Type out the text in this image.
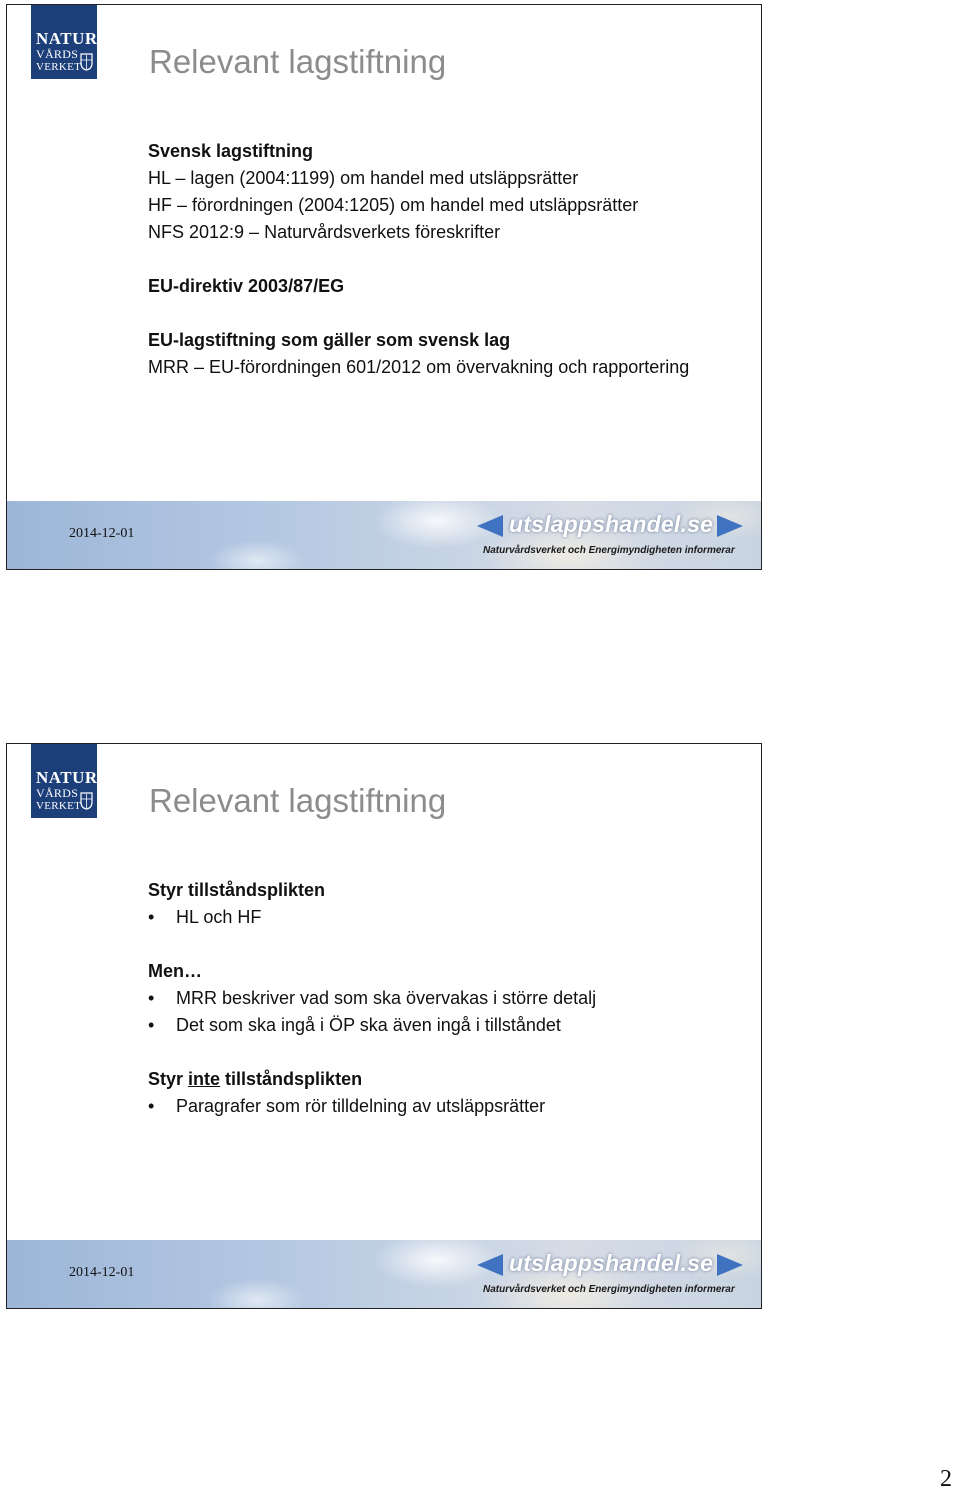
NATUR
VÅRDS
VERKET Relevant lagstiftning
Svensk lagstiftning
HL – lagen (2004:1199) om handel med utsläppsrätter
HF – förordningen (2004:1205) om handel med utsläppsrätter
NFS 2012:9 – Naturvårdsverkets föreskrifter
EU-direktiv 2003/87/EG
EU-lagstiftning som gäller som svensk lag
MRR – EU-förordningen 601/2012 om övervakning och rapportering
2014-12-01	utslappshandel.se
Naturvårdsverket och Energimyndigheten informerar
NATUR
VÅRDS
VERKET Relevant lagstiftning
Styr tillståndsplikten
• HL och HF
Men…
• MRR beskriver vad som ska övervakas i större detalj
• Det som ska ingå i ÖP ska även ingå i tillståndet
Styr inte tillståndsplikten
• Paragrafer som rör tilldelning av utsläppsrätter
2014-12-01	utslappshandel.se
Naturvårdsverket och Energimyndigheten informerar
2
